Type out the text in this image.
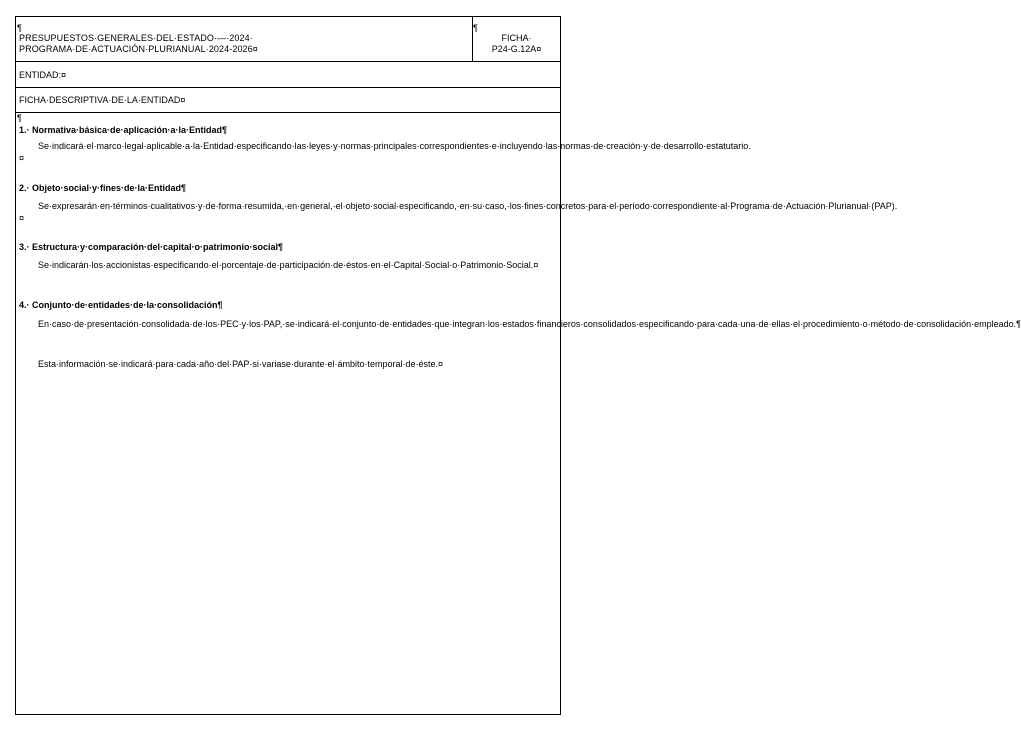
¶
PRESUPUESTOS·GENERALES·DEL·ESTADO·—·2024·
PROGRAMA·DE·ACTUACIÓN·PLURIANUAL·2024-2026¤
¶
FICHA·
P24-G.12A¤
ENTIDAD:¤
FICHA·DESCRIPTIVA·DE·LA·ENTIDAD¤
¶
1.· Normativa·básica·de·aplicación·a·la·Entidad¶
Se·indicará·el·marco·legal·aplicable·a·la·Entidad·especificando·las·leyes·y·normas·principales·correspondientes·e·incluyendo·las·normas·de·creación·y·de·desarrollo·estatutario.¤
2.· Objeto·social·y·fines·de·la·Entidad¶
Se·expresarán·en·términos·cualitativos·y·de·forma·resumida,·en·general,·el·objeto·social·especificando,·en·su·caso,·los·fines·concretos·para·el·período·correspondiente·al·Programa·de·Actuación·Plurianual·(PAP).¤
3.· Estructura·y·comparación·del·capital·o·patrimonio·social¶
Se·indicarán·los·accionistas·especificando·el·porcentaje·de·participación·de·éstos·en·el·Capital·Social·o·Patrimonio·Social.¤
4.· Conjunto·de·entidades·de·la·consolidación¶
En·caso·de·presentación·consolidada·de·los·PEC·y·los·PAP,·se·indicará·el·conjunto·de·entidades·que·integran·los·estados·financieros·consolidados·especificando·para·cada·una·de·ellas·el·procedimiento·o·método·de·consolidación·empleado.¶
Esta·información·se·indicará·para·cada·año·del·PAP·si·variase·durante·el·ámbito·temporal·de·éste.¤
